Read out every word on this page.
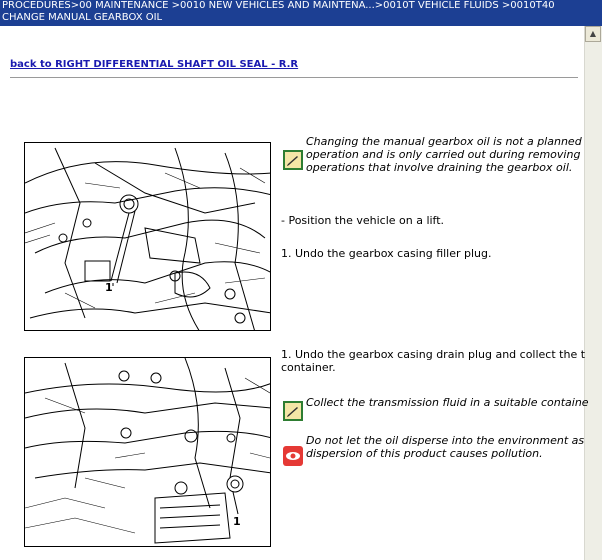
PROCEDURES>00 MAINTENANCE >0010 NEW VEHICLES AND MAINTENA...>0010T VEHICLE FLUIDS >0010T40
CHANGE MANUAL GEARBOX OIL
▲
back to RIGHT DIFFERENTIAL SHAFT OIL SEAL - R.R
1
1
Changing the manual gearbox oil is not a planned
operation and is only carried out during removing
operations that involve draining the gearbox oil.
- Position the vehicle on a lift.
1. Undo the gearbox casing filler plug.
1. Undo the gearbox casing drain plug and collect the t
container.
Collect the transmission fluid in a suitable containe
Do not let the oil disperse into the environment as
dispersion of this product causes pollution.
